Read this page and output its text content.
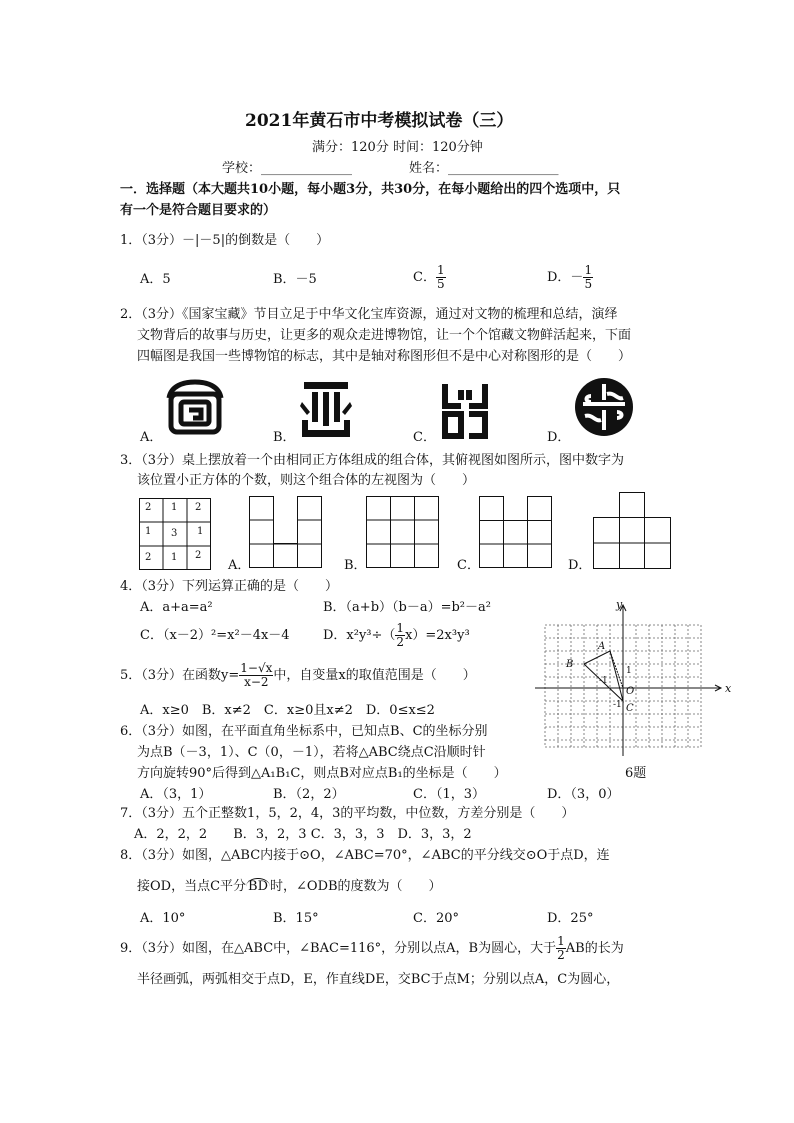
2021年黄石市中考模拟试卷（三）
满分：120分 时间：120分钟
学校：______________	姓名：_________________
一．选择题（本大题共10小题，每小题3分，共30分，在每小题给出的四个选项中，只
有一个是符合题目要求的）
1．（3分）－|－5|的倒数是（　　）
A．5	B．－5	C． $\frac{1}{5}$	D．－ $\frac{1}{5}$
2．（3分）《国家宝藏》节目立足于中华文化宝库资源，通过对文物的梳理和总结，演绎
文物背后的故事与历史，让更多的观众走进博物馆，让一个个馆藏文物鲜活起来，下面
四幅图是我国一些博物馆的标志，其中是轴对称图形但不是中心对称图形的是（　　）
A．	B．	C．	D．
3．（3分）桌上摆放着一个由相同正方体组成的组合体，其俯视图如图所示，图中数字为
该位置小正方体的个数，则这个组合体的左视图为（　　）
2 1 2
1 3 1
2 1 2
A．	B．	C．	D．
4．（3分）下列运算正确的是（　　）
A．a+a=a²	B．（a+b）（b－a）=b²－a²
C．（x－2）²=x²－4x－4	D．$x^2y^3\div( \frac{1}{2} x)=2x^3y^3$
5．（3分）在函数$y= \frac{1-√x}{x-2}$ 中，自变量x的取值范围是（　　）
A．x≥0　B．x≠2　C．x≥0且x≠2　D．0≤x≤2
6．（3分）如图，在平面直角坐标系中，已知点B、C的坐标分别
为点B（－3，1）、C（0，－1），若将△ABC绕点C沿顺时针
方向旋转90°后得到△A₁B₁C，则点B对应点B₁的坐标是（　　）
A．（3，1）	B．（2，2）	C．（1，3）	D．（3，0）
y
x
A
B
C
O
1
-1
-1
6题
7．（3分）五个正整数1，5，2，4，3的平均数，中位数，方差分别是（　　）
A．2，2，2　　B．3，2，3 C．3，3，3　D．3，3，2
8．（3分）如图，△ABC内接于⊙O，∠ABC=70°，∠ABC的平分线交⊙O于点D，连
接OD，当点C平分 BD 时，∠ODB的度数为（　　）
A．10°	B．15°	C．20°	D．25°
9．（3分）如图，在△ABC中，∠BAC=116°，分别以点A，B为圆心，大于 $\frac{1}{2}$ AB的长为
半径画弧，两弧相交于点D，E，作直线DE，交BC于点M；分别以点A，C为圆心，
